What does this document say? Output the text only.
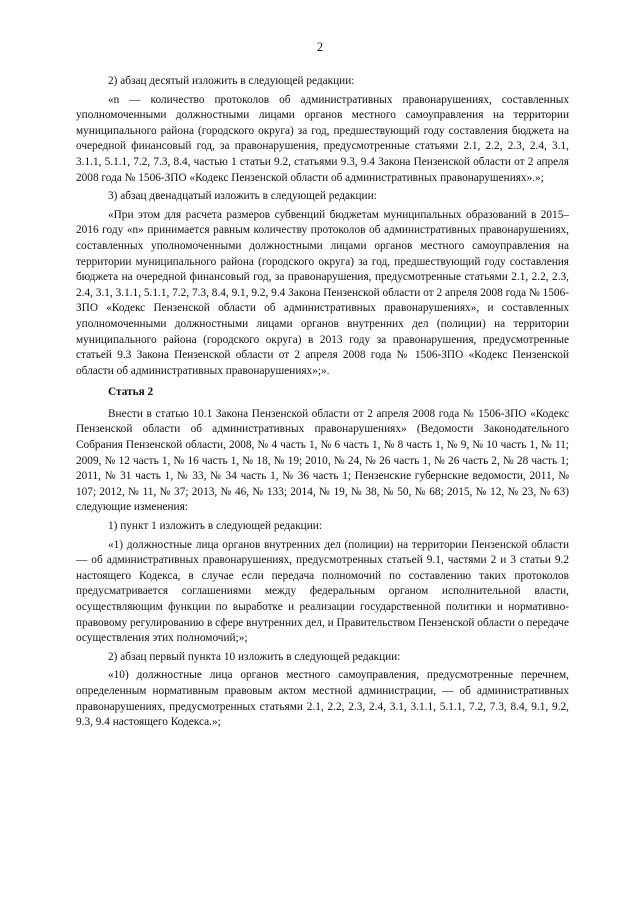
2

2) абзац десятый изложить в следующей редакции:

«n — количество протоколов об административных правонарушениях, составленных уполномоченными должностными лицами органов местного самоуправления на территории муниципального района (городского округа) за год, предшествующий году составления бюджета на очередной финансовый год, за правонарушения, предусмотренные статьями 2.1, 2.2, 2.3, 2.4, 3.1, 3.1.1, 5.1.1, 7.2, 7.3, 8.4, частью 1 статьи 9.2, статьями 9.3, 9.4 Закона Пензенской области от 2 апреля 2008 года № 1506-ЗПО «Кодекс Пензенской области об административных правонарушениях».»;

3) абзац двенадцатый изложить в следующей редакции:

«При этом для расчета размеров субвенций бюджетам муниципальных образований в 2015–2016 году «n» принимается равным количеству протоколов об административных правонарушениях, составленных уполномоченными должностными лицами органов местного самоуправления на территории муниципального района (городского округа) за год, предшествующий году составления бюджета на очередной финансовый год, за правонарушения, предусмотренные статьями 2.1, 2.2, 2.3, 2.4, 3.1, 3.1.1, 5.1.1, 7.2, 7.3, 8.4, 9.1, 9.2, 9.4 Закона Пензенской области от 2 апреля 2008 года № 1506-ЗПО «Кодекс Пензенской области об административных правонарушениях», и составленных уполномоченными должностными лицами органов внутренних дел (полиции) на территории муниципального района (городского округа) в 2013 году за правонарушения, предусмотренные статьей 9.3 Закона Пензенской области от 2 апреля 2008 года № 1506-ЗПО «Кодекс Пензенской области об административных правонарушениях»;».

Статья 2

Внести в статью 10.1 Закона Пензенской области от 2 апреля 2008 года № 1506-ЗПО «Кодекс Пензенской области об административных правонарушениях» (Ведомости Законодательного Собрания Пензенской области, 2008, № 4 часть 1, № 6 часть 1, № 8 часть 1, № 9, № 10 часть 1, № 11; 2009, № 12 часть 1, № 16 часть 1, № 18, № 19; 2010, № 24, № 26 часть 1, № 26 часть 2, № 28 часть 1; 2011, № 31 часть 1, № 33, № 34 часть 1, № 36 часть 1; Пензенские губернские ведомости, 2011, № 107; 2012, № 11, № 37; 2013, № 46, № 133; 2014, № 19, № 38, № 50, № 68; 2015, № 12, № 23, № 63) следующие изменения:

1) пункт 1 изложить в следующей редакции:

«1) должностные лица органов внутренних дел (полиции) на территории Пензенской области — об административных правонарушениях, предусмотренных статьей 9.1, частями 2 и 3 статьи 9.2 настоящего Кодекса, в случае если передача полномочий по составлению таких протоколов предусматривается соглашениями между федеральным органом исполнительной власти, осуществляющим функции по выработке и реализации государственной политики и нормативно-правовому регулированию в сфере внутренних дел, и Правительством Пензенской области о передаче осуществления этих полномочий;»;

2) абзац первый пункта 10 изложить в следующей редакции:

«10) должностные лица органов местного самоуправления, предусмотренные перечнем, определенным нормативным правовым актом местной администрации, — об административных правонарушениях, предусмотренных статьями 2.1, 2.2, 2.3, 2.4, 3.1, 3.1.1, 5.1.1, 7.2, 7.3, 8.4, 9.1, 9.2, 9.3, 9.4 настоящего Кодекса.»;
